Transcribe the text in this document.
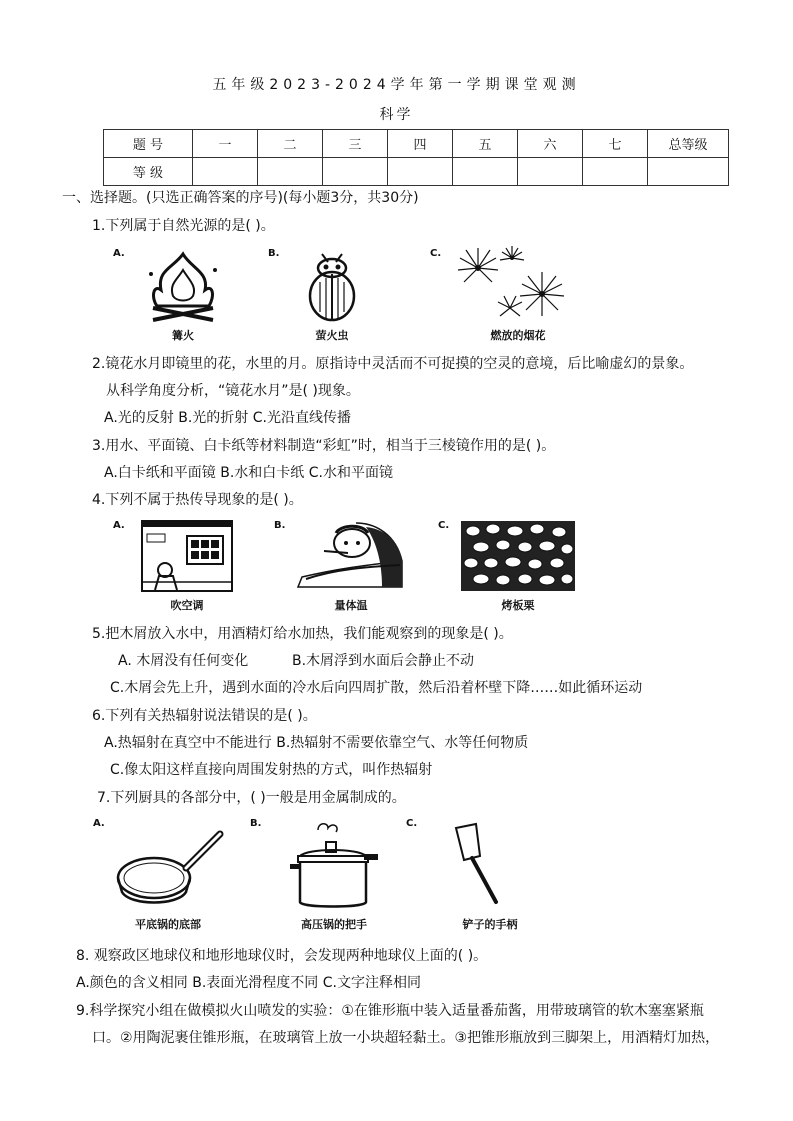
五年级2023-2024学年第一学期课堂观测
科学
题 号	一	二	三	四	五	六	七	总等级
等 级								
一、选择题。(只选正确答案的序号)(每小题3分，共30分)
1.下列属于自然光源的是( )。
A.	B.	C.
篝火	萤火虫	燃放的烟花
2.镜花水月即镜里的花，水里的月。原指诗中灵活而不可捉摸的空灵的意境，后比喻虚幻的景象。
从科学角度分析，“镜花水月”是( )现象。
A.光的反射 B.光的折射 C.光沿直线传播
3.用水、平面镜、白卡纸等材料制造“彩虹”时，相当于三棱镜作用的是( )。
A.白卡纸和平面镜 B.水和白卡纸 C.水和平面镜
4.下列不属于热传导现象的是( )。
A.	B.	C.
吹空调	量体温	烤板栗
5.把木屑放入水中，用酒精灯给水加热，我们能观察到的现象是( )。
A. 木屑没有任何变化	B.木屑浮到水面后会静止不动
C.木屑会先上升，遇到水面的冷水后向四周扩散，然后沿着杯壁下降……如此循环运动
6.下列有关热辐射说法错误的是( )。
A.热辐射在真空中不能进行 B.热辐射不需要依靠空气、水等任何物质
C.像太阳这样直接向周围发射热的方式，叫作热辐射
7.下列厨具的各部分中，( )一般是用金属制成的。
A.	B.	C.
平底锅的底部	高压锅的把手	铲子的手柄
8. 观察政区地球仪和地形地球仪时，会发现两种地球仪上面的( )。
A.颜色的含义相同 B.表面光滑程度不同 C.文字注释相同
9.科学探究小组在做模拟火山喷发的实验：①在锥形瓶中装入适量番茄酱，用带玻璃管的软木塞塞紧瓶
口。②用陶泥裹住锥形瓶，在玻璃管上放一小块超轻黏土。③把锥形瓶放到三脚架上，用酒精灯加热，
